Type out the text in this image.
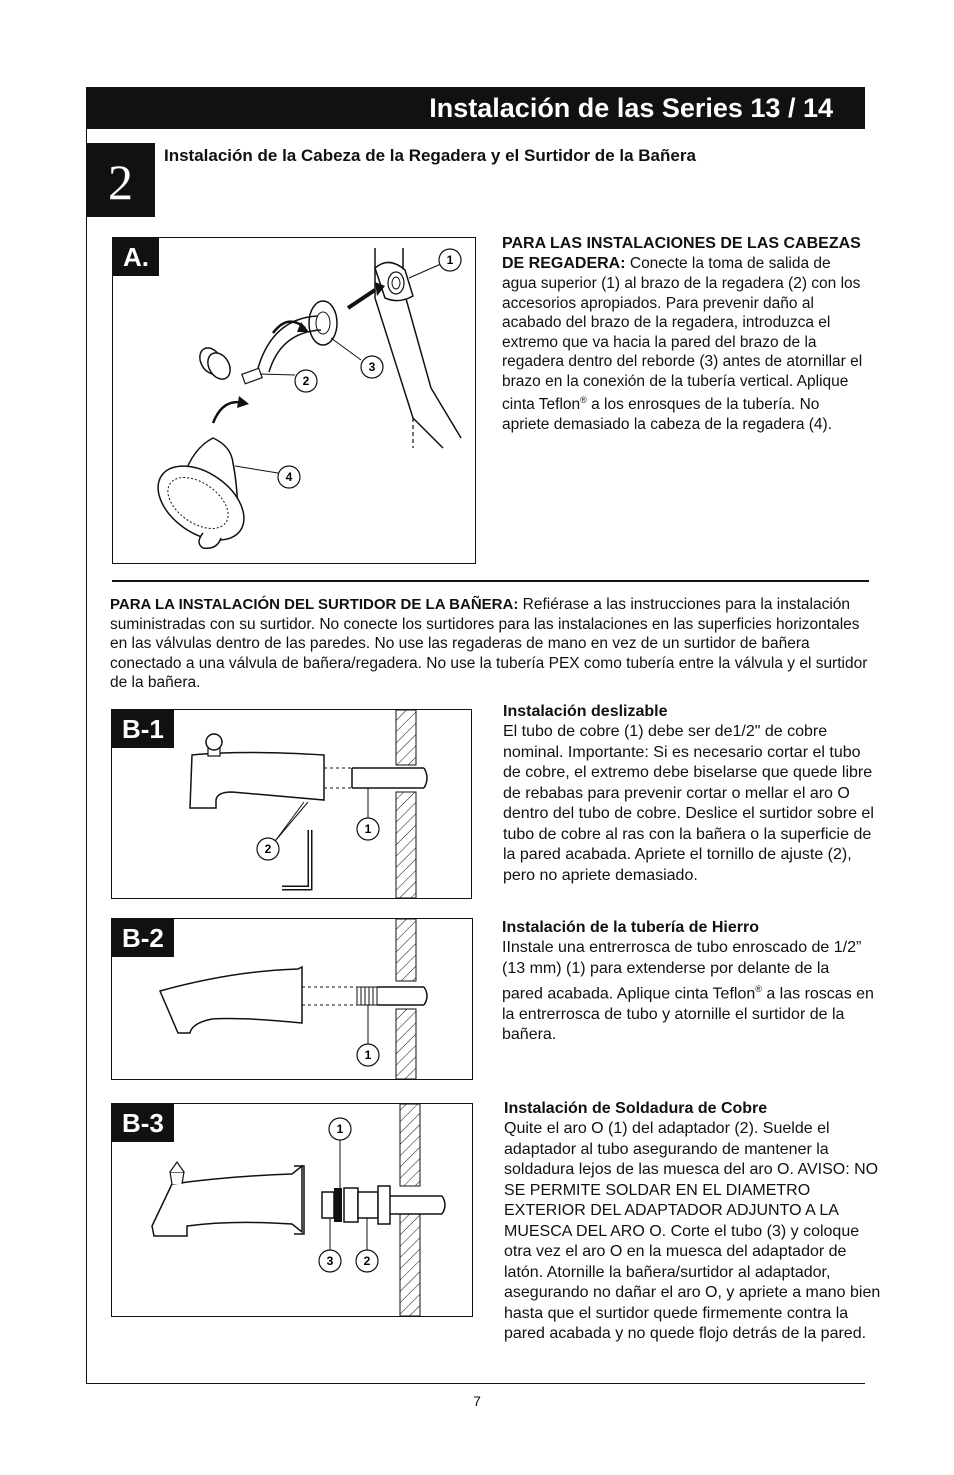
Instalación de las Series 13 / 14
2	Instalación de la Cabeza de la Regadera y el Surtidor de la Bañera
A.	1
2
3
4
PARA LAS INSTALACIONES DE LAS CABEZAS DE REGADERA: Conecte la toma de salida de agua superior (1) al brazo de la regadera (2) con los accesorios apropiados. Para prevenir daño al acabado del brazo de la regadera, introduzca el extremo que va hacia la pared del brazo de la regadera dentro del reborde (3) antes de atornillar el brazo en la conexión de la tubería vertical. Aplique cinta Teflon® a los enrosques de la tubería. No apriete demasiado la cabeza de la regadera (4).
PARA LA INSTALACIÓN DEL SURTIDOR DE LA BAÑERA: Refiérase a las instrucciones para la instalación suministradas con su surtidor. No conecte los surtidores para las instalaciones en las superficies horizontales en las válvulas dentro de las paredes. No use las regaderas de mano en vez de un surtidor de bañera conectado a una válvula de bañera/regadera. No use la tubería PEX como tubería entre la válvula y el surtidor de la bañera.
B-1
1
2
Instalación deslizable
El tubo de cobre (1) debe ser de1/2" de cobre nominal. Importante: Si es necesario cortar el tubo de cobre, el extremo debe biselarse que quede libre de rebabas para prevenir cortar o mellar el aro O dentro del tubo de cobre. Deslice el surtidor sobre el tubo de cobre al ras con la bañera o la superficie de la pared acabada. Apriete el tornillo de ajuste (2), pero no apriete demasiado.
B-2
1
Instalación de la tubería de Hierro
IInstale una entrerrosca de tubo enroscado de 1/2” (13 mm) (1) para extenderse por delante de la pared acabada. Aplique cinta Teflon® a las roscas en la entrerrosca de tubo y atornille el surtidor de la bañera.
B-3	1
3	2
Instalación de Soldadura de Cobre
Quite el aro O (1) del adaptador (2). Suelde el adaptador al tubo asegurando de mantener la soldadura lejos de las muesca del aro O. AVISO: NO SE PERMITE SOLDAR EN EL DIAMETRO EXTERIOR DEL ADAPTADOR ADJUNTO A LA MUESCA DEL ARO O. Corte el tubo (3) y coloque otra vez el aro O en la muesca del adaptador de latón. Atornille la bañera/surtidor al adaptador, asegurando no dañar el aro O, y apriete a mano bien hasta que el surtidor quede firmemente contra la pared acabada y no quede flojo detrás de la pared.
7
